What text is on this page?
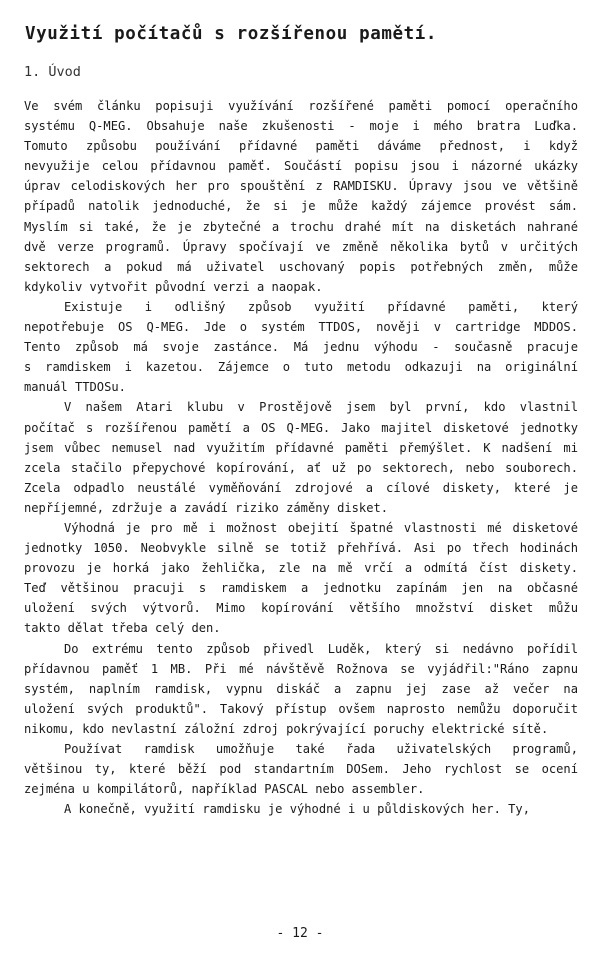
Využití počítačů s rozšířenou pamětí.
1. Úvod
Ve svém článku popisuji využívání rozšířené paměti pomocí operačního
systému Q-MEG. Obsahuje naše zkušenosti - moje i mého bratra Luďka.
Tomuto způsobu používání přídavné paměti dáváme přednost, i když
nevyužije celou přídavnou paměť. Součástí popisu jsou i názorné ukázky
úprav celodiskových her pro spouštění z RAMDISKU. Úpravy jsou ve většině
případů natolik jednoduché, že si je může každý zájemce provést sám.
Myslím si také, že je zbytečné a trochu drahé mít na disketách nahrané
dvě verze programů. Úpravy spočívají ve změně několika bytů v určitých
sektorech a pokud má uživatel uschovaný popis potřebných změn, může
kdykoliv vytvořit původní verzi a naopak.
Existuje i odlišný způsob využití přídavné paměti, který
nepotřebuje OS Q-MEG. Jde o systém TTDOS, nověji v cartridge MDDOS.
Tento způsob má svoje zastánce. Má jednu výhodu - současně pracuje
s ramdiskem i kazetou. Zájemce o tuto metodu odkazuji na originální
manuál TTDOSu.
V našem Atari klubu v Prostějově jsem byl první, kdo vlastnil
počítač s rozšířenou pamětí a OS Q-MEG. Jako majitel disketové jednotky
jsem vůbec nemusel nad využitím přídavné paměti přemýšlet. K nadšení mi
zcela stačilo přepychové kopírování, ať už po sektorech, nebo souborech.
Zcela odpadlo neustálé vyměňování zdrojové a cílové diskety, které je
nepříjemné, zdržuje a zavádí riziko záměny disket.
Výhodná je pro mě i možnost obejití špatné vlastnosti mé disketové
jednotky 1050. Neobvykle silně se totiž přehřívá. Asi po třech hodinách
provozu je horká jako žehlička, zle na mě vrčí a odmítá číst diskety.
Teď většinou pracuji s ramdiskem a jednotku zapínám jen na občasné
uložení svých výtvorů. Mimo kopírování většího množství disket můžu
takto dělat třeba celý den.
Do extrému tento způsob přivedl Luděk, který si nedávno pořídil
přídavnou paměť 1 MB. Při mé návštěvě Rožnova se vyjádřil:"Ráno zapnu
systém, naplním ramdisk, vypnu diskáč a zapnu jej zase až večer na
uložení svých produktů". Takový přístup ovšem naprosto nemůžu doporučit
nikomu, kdo nevlastní záložní zdroj pokrývající poruchy elektrické sítě.
Používat ramdisk umožňuje také řada uživatelských programů,
většinou ty, které běží pod standartním DOSem. Jeho rychlost se ocení
zejména u kompilátorů, například PASCAL nebo assembler.
A konečně, využití ramdisku je výhodné i u půldiskových her. Ty,
- 12 -
